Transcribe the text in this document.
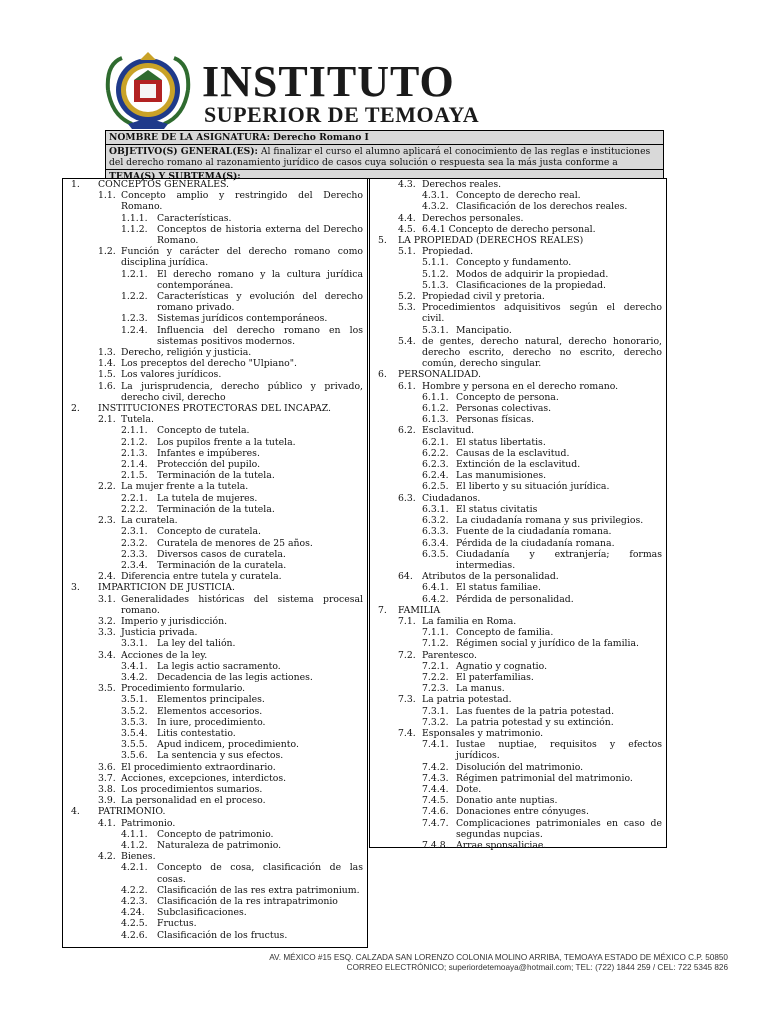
INSTITUTO
SUPERIOR DE TEMOAYA
NOMBRE DE LA ASIGNATURA: Derecho Romano I
OBJETIVO(S) GENERAL(ES): Al finalizar el curso el alumno aplicará el conocimiento de las reglas e instituciones del derecho romano al razonamiento jurídico de casos cuya solución o respuesta sea la más justa conforme a
TEMA(S) Y SUBTEMA(S):
1. CONCEPTOS GENERALES.
1.1. Concepto amplio y restringido del Derecho Romano.
1.1.1. Características.
1.1.2. Conceptos de historia externa del Derecho Romano.
1.2. Función y carácter del derecho romano como disciplina jurídica.
1.2.1. El derecho romano y la cultura jurídica contemporánea.
1.2.2. Características y evolución del derecho romano privado.
1.2.3. Sistemas jurídicos contemporáneos.
1.2.4. Influencia del derecho romano en los sistemas positivos modernos.
1.3. Derecho, religión y justicia.
1.4. Los preceptos del derecho "Ulpiano".
1.5. Los valores jurídicos.
1.6. La jurisprudencia, derecho público y privado, derecho civil, derecho
2. INSTITUCIONES PROTECTORAS DEL INCAPAZ.
2.1. Tutela.
2.1.1. Concepto de tutela.
2.1.2. Los pupilos frente a la tutela.
2.1.3. Infantes e impúberes.
2.1.4. Protección del pupilo.
2.1.5. Terminación de la tutela.
2.2. La mujer frente a la tutela.
2.2.1. La tutela de mujeres.
2.2.2. Terminación de la tutela.
2.3. La curatela.
2.3.1. Concepto de curatela.
2.3.2. Curatela de menores de 25 años.
2.3.3. Diversos casos de curatela.
2.3.4. Terminación de la curatela.
2.4. Diferencia entre tutela y curatela.
3. IMPARTICION DE JUSTICIA.
3.1. Generalidades históricas del sistema procesal romano.
3.2. Imperio y jurisdicción.
3.3. Justicia privada.
3.3.1. La ley del talión.
3.4. Acciones de la ley.
3.4.1. La legis actio sacramento.
3.4.2. Decadencia de las legis actiones.
3.5. Procedimiento formulario.
3.5.1. Elementos principales.
3.5.2. Elementos accesorios.
3.5.3. In iure, procedimiento.
3.5.4. Litis contestatio.
3.5.5. Apud indicem, procedimiento.
3.5.6. La sentencia y sus efectos.
3.6. El procedimiento extraordinario.
3.7. Acciones, excepciones, interdictos.
3.8. Los procedimientos sumarios.
3.9. La personalidad en el proceso.
4. PATRIMONIO.
4.1. Patrimonio.
4.1.1. Concepto de patrimonio.
4.1.2. Naturaleza de patrimonio.
4.2. Bienes.
4.2.1. Concepto de cosa, clasificación de las cosas.
4.2.2. Clasificación de las res extra patrimonium.
4.2.3. Clasificación de la res intrapatrimonio
4.24. Subclasificaciones.
4.2.5. Fructus.
4.2.6. Clasificación de los fructus.
4.3. Derechos reales.
4.3.1. Concepto de derecho real.
4.3.2. Clasificación de los derechos reales.
4.4. Derechos personales.
4.5. 6.4.1 Concepto de derecho personal.
5. LA PROPIEDAD (DERECHOS REALES)
5.1. Propiedad.
5.1.1. Concepto y fundamento.
5.1.2. Modos de adquirir la propiedad.
5.1.3. Clasificaciones de la propiedad.
5.2. Propiedad civil y pretoria.
5.3. Procedimientos adquisitivos según el derecho civil.
5.3.1. Mancipatio.
5.4. de gentes, derecho natural, derecho honorario, derecho escrito, derecho no escrito, derecho común, derecho singular.
6. PERSONALIDAD.
6.1. Hombre y persona en el derecho romano.
6.1.1. Concepto de persona.
6.1.2. Personas colectivas.
6.1.3. Personas físicas.
6.2. Esclavitud.
6.2.1. El status libertatis.
6.2.2. Causas de la esclavitud.
6.2.3. Extinción de la esclavitud.
6.2.4. Las manumisiones.
6.2.5. El liberto y su situación jurídica.
6.3. Ciudadanos.
6.3.1. El status civitatis
6.3.2. La ciudadanía romana y sus privilegios.
6.3.3. Fuente de la ciudadanía romana.
6.3.4. Pérdida de la ciudadanía romana.
6.3.5. Ciudadanía y extranjería; formas intermedias.
64. Atributos de la personalidad.
6.4.1. El status familiae.
6.4.2. Pérdida de personalidad.
7. FAMILIA
7.1. La familia en Roma.
7.1.1. Concepto de familia.
7.1.2. Régimen social y jurídico de la familia.
7.2. Parentesco.
7.2.1. Agnatio y cognatio.
7.2.2. El paterfamilias.
7.2.3. La manus.
7.3. La patria potestad.
7.3.1. Las fuentes de la patria potestad.
7.3.2. La patria potestad y su extinción.
7.4. Esponsales y matrimonio.
7.4.1. Iustae nuptiae, requisitos y efectos jurídicos.
7.4.2. Disolución del matrimonio.
7.4.3. Régimen patrimonial del matrimonio.
7.4.4. Dote.
7.4.5. Donatio ante nuptias.
7.4.6. Donaciones entre cónyuges.
7.4.7. Complicaciones patrimoniales en caso de segundas nupcias.
7.4.8. Arrae sponsaliciae.
AV. MÉXICO #15 ESQ. CALZADA SAN LORENZO COLONIA MOLINO ARRIBA, TEMOAYA ESTADO DE MÉXICO C.P. 50850
CORREO ELECTRÓNICO; superiordetemoaya@hotmail.com; TEL: (722) 1844 259 / CEL: 722 5345 826
